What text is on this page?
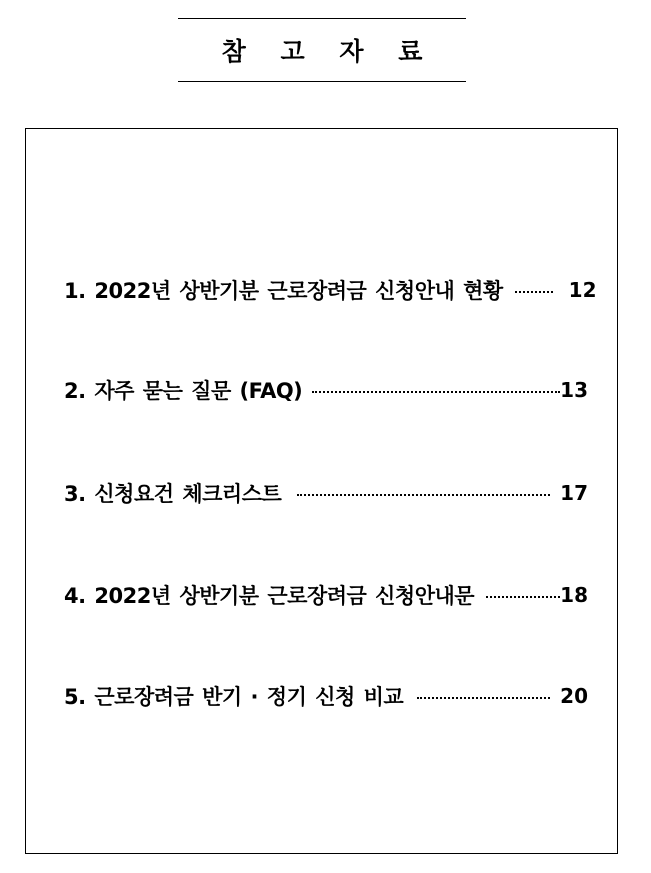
참 고 자 료
1. 2022년 상반기분 근로장려금 신청안내 현황	12
2. 자주 묻는 질문 (FAQ)	13
3. 신청요건 체크리스트	17
4. 2022년 상반기분 근로장려금 신청안내문	18
5. 근로장려금 반기 · 정기 신청 비교	20
